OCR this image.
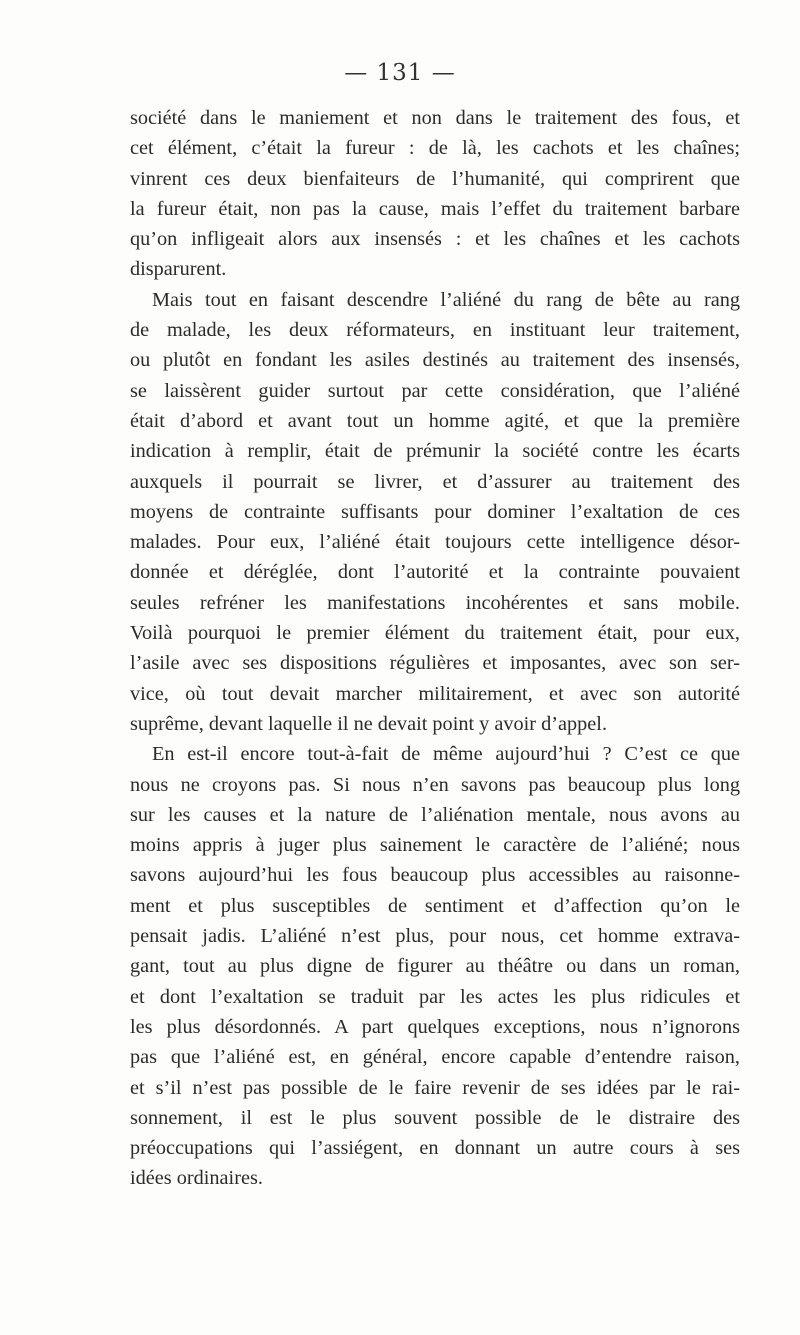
— 131 —
société dans le maniement et non dans le traitement des fous, et
cet élément, c’était la fureur : de là, les cachots et les chaînes;
vinrent ces deux bienfaiteurs de l’humanité, qui comprirent que
la fureur était, non pas la cause, mais l’effet du traitement barbare
qu’on infligeait alors aux insensés : et les chaînes et les cachots
disparurent.
Mais tout en faisant descendre l’aliéné du rang de bête au rang
de malade, les deux réformateurs, en instituant leur traitement,
ou plutôt en fondant les asiles destinés au traitement des insensés,
se laissèrent guider surtout par cette considération, que l’aliéné
était d’abord et avant tout un homme agité, et que la première
indication à remplir, était de prémunir la société contre les écarts
auxquels il pourrait se livrer, et d’assurer au traitement des
moyens de contrainte suffisants pour dominer l’exaltation de ces
malades. Pour eux, l’aliéné était toujours cette intelligence désor-
donnée et déréglée, dont l’autorité et la contrainte pouvaient
seules refréner les manifestations incohérentes et sans mobile.
Voilà pourquoi le premier élément du traitement était, pour eux,
l’asile avec ses dispositions régulières et imposantes, avec son ser-
vice, où tout devait marcher militairement, et avec son autorité
suprême, devant laquelle il ne devait point y avoir d’appel.
En est-il encore tout-à-fait de même aujourd’hui ? C’est ce que
nous ne croyons pas. Si nous n’en savons pas beaucoup plus long
sur les causes et la nature de l’aliénation mentale, nous avons au
moins appris à juger plus sainement le caractère de l’aliéné; nous
savons aujourd’hui les fous beaucoup plus accessibles au raisonne-
ment et plus susceptibles de sentiment et d’affection qu’on le
pensait jadis. L’aliéné n’est plus, pour nous, cet homme extrava-
gant, tout au plus digne de figurer au théâtre ou dans un roman,
et dont l’exaltation se traduit par les actes les plus ridicules et
les plus désordonnés. A part quelques exceptions, nous n’ignorons
pas que l’aliéné est, en général, encore capable d’entendre raison,
et s’il n’est pas possible de le faire revenir de ses idées par le rai-
sonnement, il est le plus souvent possible de le distraire des
préoccupations qui l’assiégent, en donnant un autre cours à ses
idées ordinaires.
